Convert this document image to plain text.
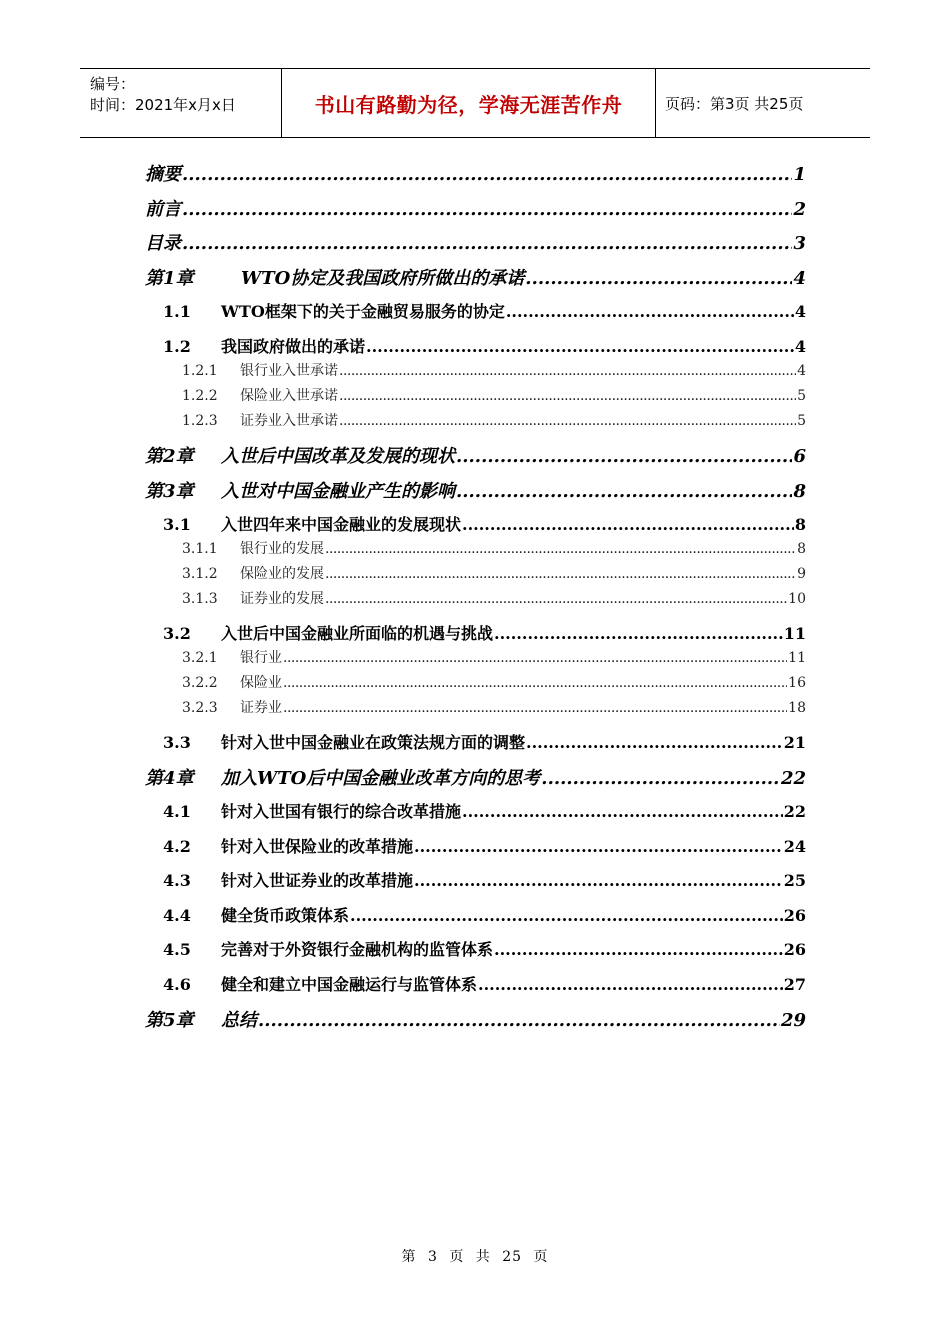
编号：
时间：2021年x月x日	书山有路勤为径，学海无涯苦作舟	页码：第3页 共25页
摘要 .....	1
前言 .....	2
目录 .....	3
第1章	WTO协定及我国政府所做出的承诺 .....	4
1.1	WTO框架下的关于金融贸易服务的协定 .....	4
1.2	我国政府做出的承诺 .....	4
1.2.1	银行业入世承诺 .....	4
1.2.2	保险业入世承诺 .....	5
1.2.3	证券业入世承诺 .....	5
第2章	入世后中国改革及发展的现状 .....	6
第3章	入世对中国金融业产生的影响 .....	8
3.1	入世四年来中国金融业的发展现状 .....	8
3.1.1	银行业的发展 .....	8
3.1.2	保险业的发展 .....	9
3.1.3	证券业的发展 .....	10
3.2	入世后中国金融业所面临的机遇与挑战 .....	11
3.2.1	银行业 .....	11
3.2.2	保险业 .....	16
3.2.3	证券业 .....	18
3.3	针对入世中国金融业在政策法规方面的调整 .....	21
第4章	加入WTO后中国金融业改革方向的思考 .....	22
4.1	针对入世国有银行的综合改革措施 .....	22
4.2	针对入世保险业的改革措施 .....	24
4.3	针对入世证券业的改革措施 .....	25
4.4	健全货币政策体系 .....	26
4.5	完善对于外资银行金融机构的监管体系 .....	26
4.6	健全和建立中国金融运行与监管体系 .....	27
第5章	总结 .....	29
第 3 页 共 25 页
